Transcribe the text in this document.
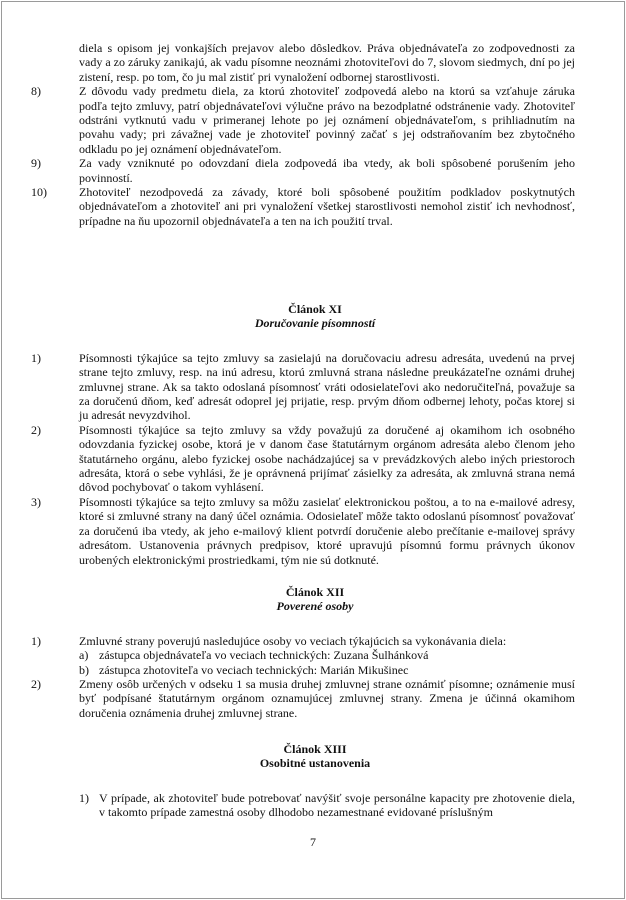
diela s opisom jej vonkajších prejavov alebo dôsledkov. Práva objednávateľa zo zodpovednosti za vady a zo záruky zanikajú, ak vadu písomne neoznámi zhotoviteľovi do 7, slovom siedmych, dní po jej zistení, resp. po tom, čo ju mal zistiť pri vynaložení odbornej starostlivosti.
8)	Z dôvodu vady predmetu diela, za ktorú zhotoviteľ zodpovedá alebo na ktorú sa vzťahuje záruka podľa tejto zmluvy, patrí objednávateľovi výlučne právo na bezodplatné odstránenie vady. Zhotoviteľ odstráni vytknutú vadu v primeranej lehote po jej oznámení objednávateľom, s prihliadnutím na povahu vady; pri závažnej vade je zhotoviteľ povinný začať s jej odstraňovaním bez zbytočného odkladu po jej oznámení objednávateľom.
9)	Za vady vzniknuté po odovzdaní diela zodpovedá iba vtedy, ak boli spôsobené porušením jeho povinností.
10)	Zhotoviteľ nezodpovedá za závady, ktoré boli spôsobené použitím podkladov poskytnutých objednávateľom a zhotoviteľ ani pri vynaložení všetkej starostlivosti nemohol zistiť ich nevhodnosť, prípadne na ňu upozornil objednávateľa a ten na ich použití trval.
Článok XI
Doručovanie písomností
1)	Písomnosti týkajúce sa tejto zmluvy sa zasielajú na doručovaciu adresu adresáta, uvedenú na prvej strane tejto zmluvy, resp. na inú adresu, ktorú zmluvná strana následne preukázateľne oznámi druhej zmluvnej strane. Ak sa takto odoslaná písomnosť vráti odosielateľovi ako nedoručiteľná, považuje sa za doručenú dňom, keď adresát odoprel jej prijatie, resp. prvým dňom odbernej lehoty, počas ktorej si ju adresát nevyzdvihol.
2)	Písomnosti týkajúce sa tejto zmluvy sa vždy považujú za doručené aj okamihom ich osobného odovzdania fyzickej osobe, ktorá je v danom čase štatutárnym orgánom adresáta alebo členom jeho štatutárneho orgánu, alebo fyzickej osobe nachádzajúcej sa v prevádzkových alebo iných priestoroch adresáta, ktorá o sebe vyhlási, že je oprávnená prijímať zásielky za adresáta, ak zmluvná strana nemá dôvod pochybovať o takom vyhlásení.
3)	Písomnosti týkajúce sa tejto zmluvy sa môžu zasielať elektronickou poštou, a to na e-mailové adresy, ktoré si zmluvné strany na daný účel oznámia. Odosielateľ môže takto odoslanú písomnosť považovať za doručenú iba vtedy, ak jeho e-mailový klient potvrdí doručenie alebo prečítanie e-mailovej správy adresátom. Ustanovenia právnych predpisov, ktoré upravujú písomnú formu právnych úkonov urobených elektronickými prostriedkami, tým nie sú dotknuté.
Článok XII
Poverené osoby
1)	Zmluvné strany poverujú nasledujúce osoby vo veciach týkajúcich sa vykonávania diela:
a) zástupca objednávateľa vo veciach technických: Zuzana Šulhánková
b) zástupca zhotoviteľa vo veciach technických: Marián Mikušinec
2)	Zmeny osôb určených v odseku 1 sa musia druhej zmluvnej strane oznámiť písomne; oznámenie musí byť podpísané štatutárnym orgánom oznamujúcej zmluvnej strany. Zmena je účinná okamihom doručenia oznámenia druhej zmluvnej strane.
Článok XIII
Osobitné ustanovenia
1) V prípade, ak zhotoviteľ bude potrebovať navýšiť svoje personálne kapacity pre zhotovenie diela, v takomto prípade zamestná osoby dlhodobo nezamestnané evidované príslušným
7
